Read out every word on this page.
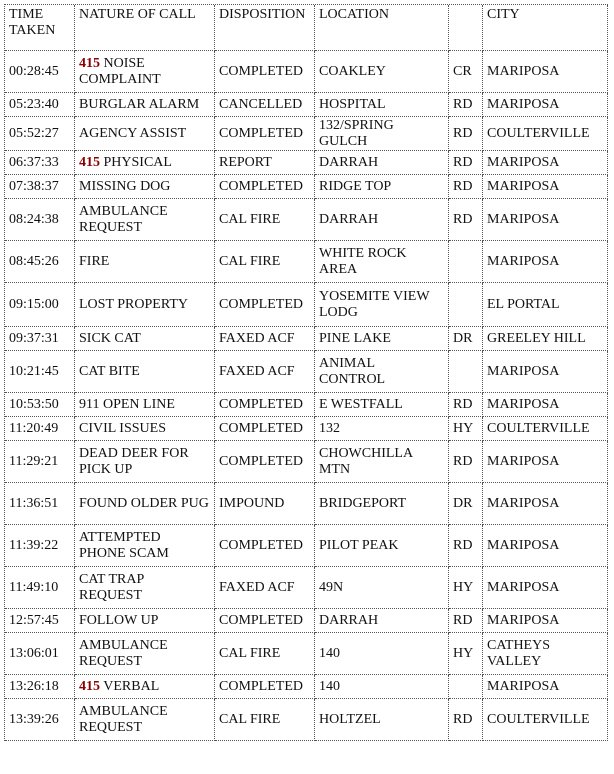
TIME TAKEN	NATURE OF CALL	DISPOSITION	LOCATION		CITY
00:28:45	415 NOISE COMPLAINT	COMPLETED	COAKLEY	CR	MARIPOSA
05:23:40	BURGLAR ALARM	CANCELLED	HOSPITAL	RD	MARIPOSA
05:52:27	AGENCY ASSIST	COMPLETED	132/SPRING GULCH	RD	COULTERVILLE
06:37:33	415 PHYSICAL	REPORT	DARRAH	RD	MARIPOSA
07:38:37	MISSING DOG	COMPLETED	RIDGE TOP	RD	MARIPOSA
08:24:38	AMBULANCE REQUEST	CAL FIRE	DARRAH	RD	MARIPOSA
08:45:26	FIRE	CAL FIRE	WHITE ROCK AREA		MARIPOSA
09:15:00	LOST PROPERTY	COMPLETED	YOSEMITE VIEW LODG		EL PORTAL
09:37:31	SICK CAT	FAXED ACF	PINE LAKE	DR	GREELEY HILL
10:21:45	CAT BITE	FAXED ACF	ANIMAL CONTROL		MARIPOSA
10:53:50	911 OPEN LINE	COMPLETED	E WESTFALL	RD	MARIPOSA
11:20:49	CIVIL ISSUES	COMPLETED	132	HY	COULTERVILLE
11:29:21	DEAD DEER FOR PICK UP	COMPLETED	CHOWCHILLA MTN	RD	MARIPOSA
11:36:51	FOUND OLDER PUG	IMPOUND	BRIDGEPORT	DR	MARIPOSA
11:39:22	ATTEMPTED PHONE SCAM	COMPLETED	PILOT PEAK	RD	MARIPOSA
11:49:10	CAT TRAP REQUEST	FAXED ACF	49N	HY	MARIPOSA
12:57:45	FOLLOW UP	COMPLETED	DARRAH	RD	MARIPOSA
13:06:01	AMBULANCE REQUEST	CAL FIRE	140	HY	CATHEYS VALLEY
13:26:18	415 VERBAL	COMPLETED	140		MARIPOSA
13:39:26	AMBULANCE REQUEST	CAL FIRE	HOLTZEL	RD	COULTERVILLE
